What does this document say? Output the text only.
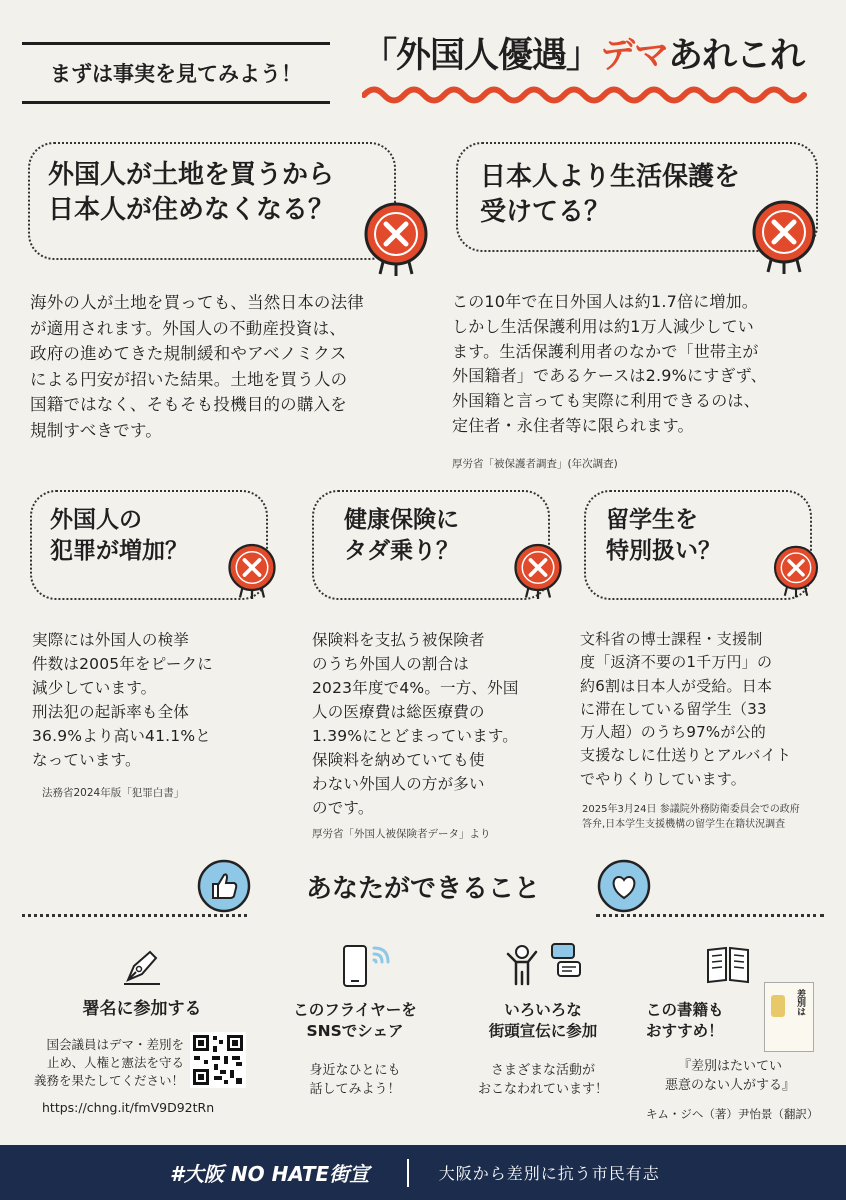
まずは事実を見てみよう！	「外国人優遇」デマあれこれ
外国人が土地を買うから
日本人が住めなくなる？
海外の人が土地を買っても、当然日本の法律
が適用されます。外国人の不動産投資は、
政府の進めてきた規制緩和やアベノミクス
による円安が招いた結果。土地を買う人の
国籍ではなく、そもそも投機目的の購入を
規制すべきです。
日本人より生活保護を
受けてる？
この10年で在日外国人は約1.7倍に増加。
しかし生活保護利用は約1万人減少してい
ます。生活保護利用者のなかで「世帯主が
外国籍者」であるケースは2.9%にすぎず、
外国籍と言っても実際に利用できるのは、
定住者・永住者等に限られます。
厚労省「被保護者調査」(年次調査)
外国人の
犯罪が増加？
実際には外国人の検挙
件数は2005年をピークに
減少しています。
刑法犯の起訴率も全体
36.9%より高い41.1%と
なっています。
法務省2024年版「犯罪白書」
健康保険に
タダ乗り？
保険料を支払う被保険者
のうち外国人の割合は
2023年度で4%。一方、外国
人の医療費は総医療費の
1.39%にとどまっています。
保険料を納めていても使
わない外国人の方が多い
のです。
厚労省「外国人被保険者データ」より
留学生を
特別扱い？
文科省の博士課程・支援制
度「返済不要の1千万円」の
約6割は日本人が受給。日本
に滞在している留学生（33
万人超）のうち97%が公的
支援なしに仕送りとアルバイト
でやりくりしています。
2025年3月24日 参議院外務防衛委員会での政府
答弁,日本学生支援機構の留学生在籍状況調査
あなたができること
署名に参加する
国会議員はデマ・差別を
止め、人権と憲法を守る
義務を果たしてください！
https://chng.it/fmV9D92tRn
このフライヤーを
SNSでシェア
身近なひとにも
話してみよう！
いろいろな
街頭宣伝に参加
さまざまな活動が
おこなわれています！
この書籍も
おすすめ！
差別は
『差別はたいてい
悪意のない人がする』
キム・ジヘ（著）尹怡景（翻訳）
#大阪 NO HATE街宣	大阪から差別に抗う市民有志
